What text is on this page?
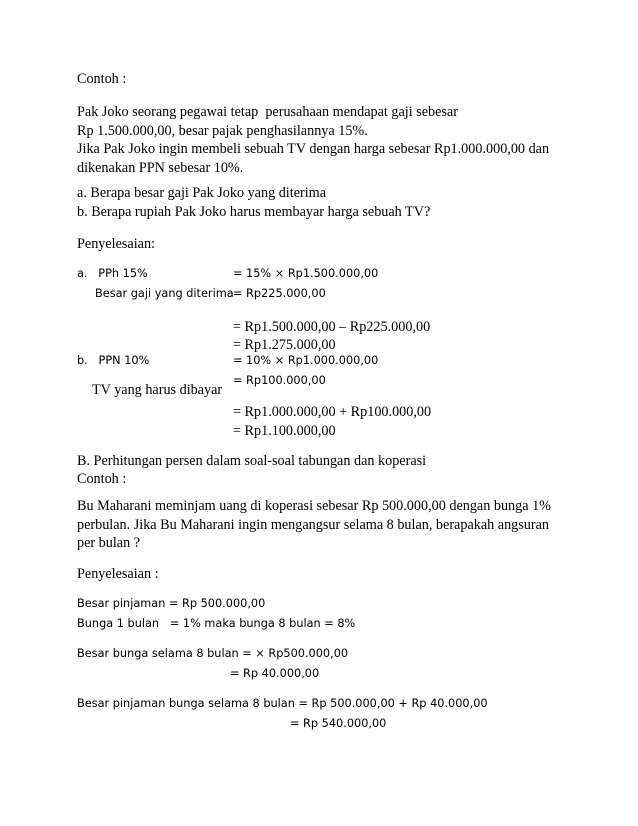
Contoh :
Pak Joko seorang pegawai tetap  perusahaan mendapat gaji sebesar
Rp 1.500.000,00, besar pajak penghasilannya 15%.
Jika Pak Joko ingin membeli sebuah TV dengan harga sebesar Rp1.000.000,00 dan
dikenakan PPN sebesar 10%.
a. Berapa besar gaji Pak Joko yang diterima
b. Berapa rupiah Pak Joko harus membayar harga sebuah TV?
Penyelesaian:
a.   PPh 15%	= 15% × Rp1.500.000,00
Besar gaji yang diterima = Rp225.000,00
= Rp1.500.000,00 – Rp225.000,00
= Rp1.275.000,00
b.   PPN 10%	= 10% × Rp1.000.000,00
= Rp100.000,00
TV yang harus dibayar
= Rp1.000.000,00 + Rp100.000,00
= Rp1.100.000,00
B. Perhitungan persen dalam soal-soal tabungan dan koperasi
Contoh :
Bu Maharani meminjam uang di koperasi sebesar Rp 500.000,00 dengan bunga 1%
perbulan. Jika Bu Maharani ingin mengangsur selama 8 bulan, berapakah angsuran
per bulan ?
Penyelesaian :
Besar pinjaman = Rp 500.000,00
Bunga 1 bulan   = 1% maka bunga 8 bulan = 8%
Besar bunga selama 8 bulan = × Rp500.000,00
= Rp 40.000,00
Besar pinjaman bunga selama 8 bulan = Rp 500.000,00 + Rp 40.000,00
= Rp 540.000,00
